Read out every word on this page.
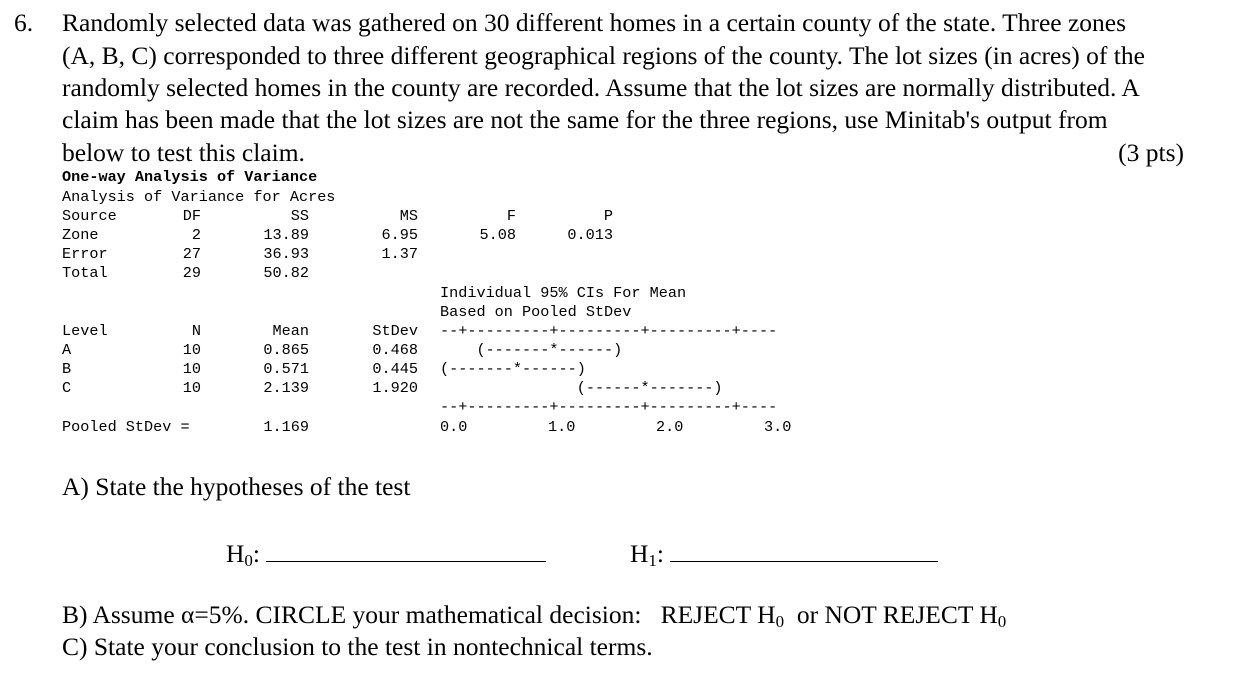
6. Randomly selected data was gathered on 30 different homes in a certain county of the state. Three zones
(A, B, C) corresponded to three different geographical regions of the county. The lot sizes (in acres) of the
randomly selected homes in the county are recorded. Assume that the lot sizes are normally distributed. A
claim has been made that the lot sizes are not the same for the three regions, use Minitab's output from
below to test this claim.	(3 pts)
One-way Analysis of Variance
Analysis of Variance for Acres
Source	DF	SS	MS	F	P
Zone	2	13.89	6.95	5.08	0.013
Error	27	36.93	1.37
Total	29	50.82
Individual 95% CIs For Mean
Based on Pooled StDev
Level	N	Mean	StDev --+---------+---------+---------+----
A	10	0.865	0.468 (-------*------)
B	10	0.571	0.445 (-------*------)
C	10	2.139	1.920 (------*-------)
--+---------+---------+---------+----
Pooled StDev =	1.169	0.0	1.0	2.0	3.0
A) State the hypotheses of the test
$H_0$:	$H_1$:
B) Assume α=5%. CIRCLE your mathematical decision: REJECT $H_0$ or NOT REJECT $H_0$
C) State your conclusion to the test in nontechnical terms.
